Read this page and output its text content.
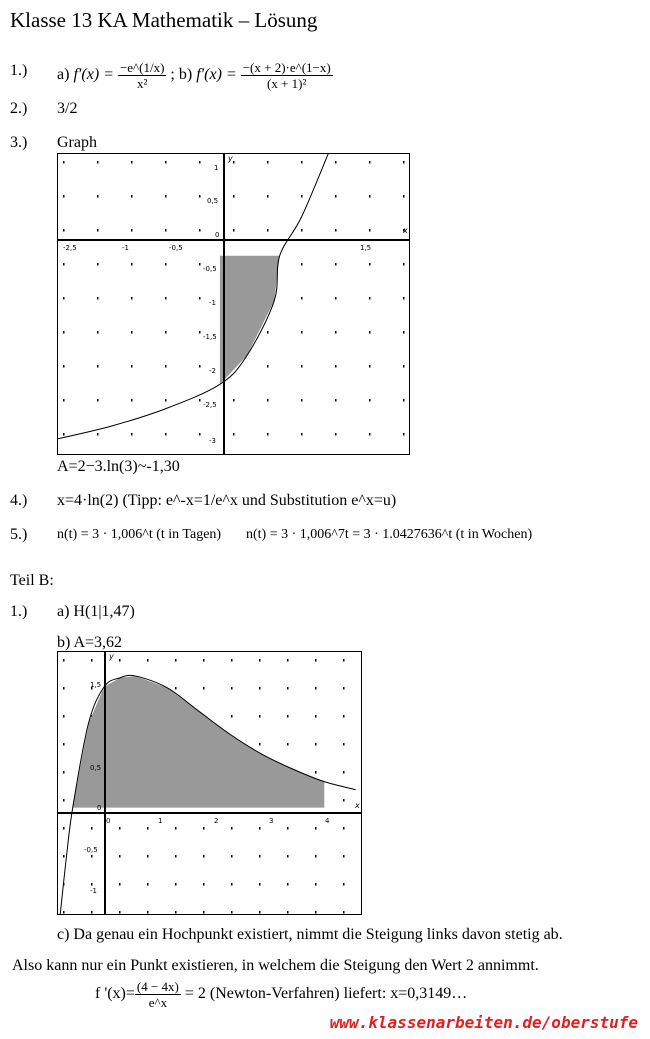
Klasse 13 KA Mathematik – Lösung
1.) a) $f'(x) = \frac{-e\^{}(1/x)}{\text{x²}}$ ; b) $f'(x) = \frac{-(x + 2)\cdot e\^{}(1-x)}{\text{(x + 1)²}}$
2.) 3/2
3.) Graph
x
y
-2,5	-1	-0,5	1,5
1
0,5
0
-0,5
-1
-1,5
-2
-2,5
-3
A=2−3.ln(3)~-1,30
4.) x=4·ln(2) (Tipp: e^-x=1/e^x und Substitution e^x=u)
5.) n(t) = 3 · 1,006^t (t in Tagen) n(t) = 3 · 1,006^7t = 3 · 1.0427636^t (t in Wochen)
Teil B:
1.) a) H(1|1,47)
b) A=3,62
x
y
0	1	2	3	4
1,5
0,5
0
-0,5
-1
c) Da genau ein Hochpunkt existiert, nimmt die Steigung links davon stetig ab.
Also kann nur ein Punkt existieren, in welchem die Steigung den Wert 2 annimmt.
f '$(x)= \frac{(4 - 4x)}{e\^{}x} = 2$ (Newton-Verfahren) liefert: x=0,3149…
www.klassenarbeiten.de/oberstufe
